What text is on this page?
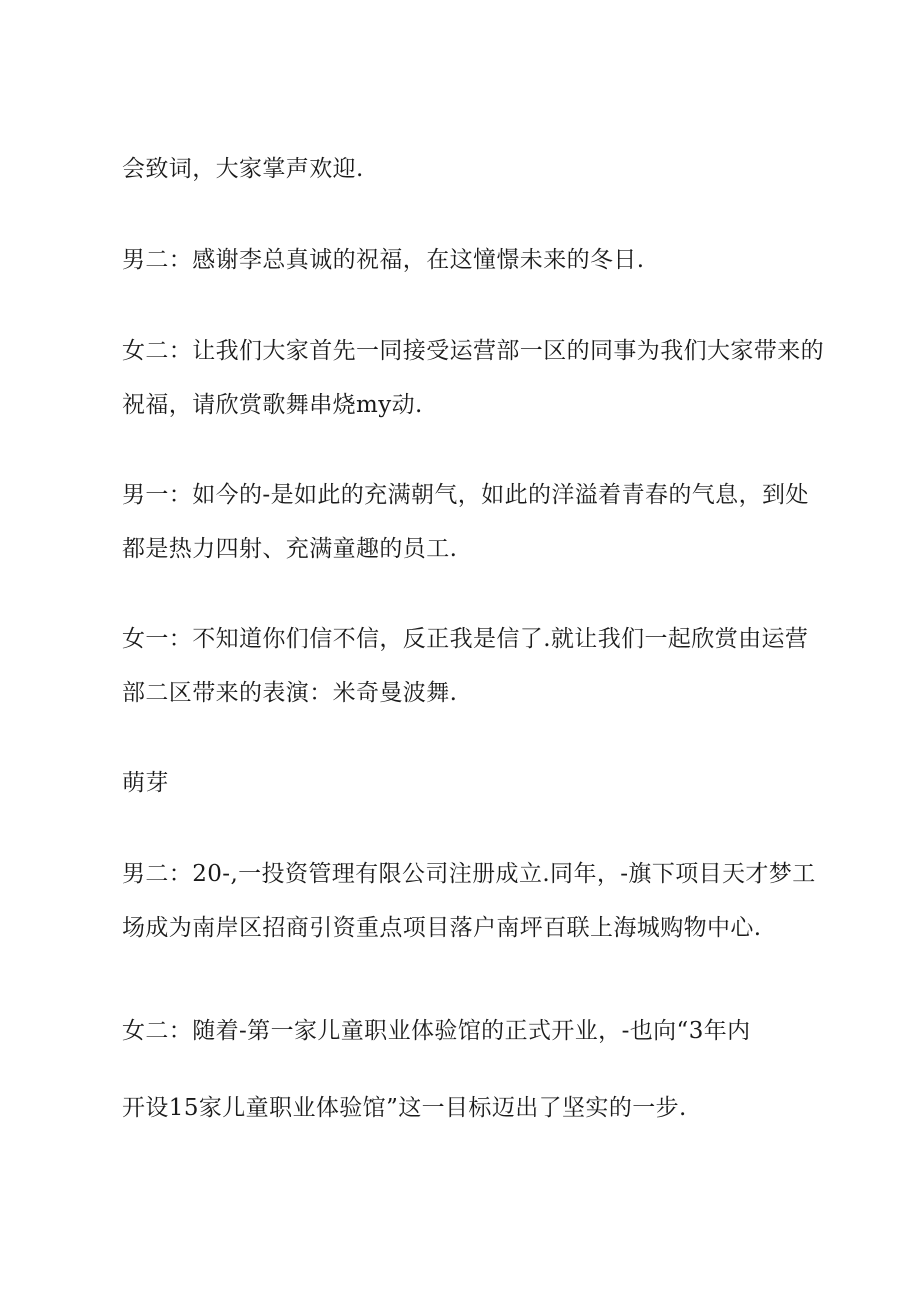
会致词，大家掌声欢迎.
男二：感谢李总真诚的祝福，在这憧憬未来的冬日.
女二：让我们大家首先一同接受运营部一区的同事为我们大家带来的
祝福，请欣赏歌舞串烧my动.
男一：如今的-是如此的充满朝气，如此的洋溢着青春的气息，到处
都是热力四射、充满童趣的员工.
女一：不知道你们信不信，反正我是信了.就让我们一起欣赏由运营
部二区带来的表演：米奇曼波舞.
萌芽
男二：20-,一投资管理有限公司注册成立.同年，-旗下项目天才梦工
场成为南岸区招商引资重点项目落户南坪百联上海城购物中心.
女二：随着-第一家儿童职业体验馆的正式开业，-也向“3年内
开设15家儿童职业体验馆”这一目标迈出了坚实的一步.
